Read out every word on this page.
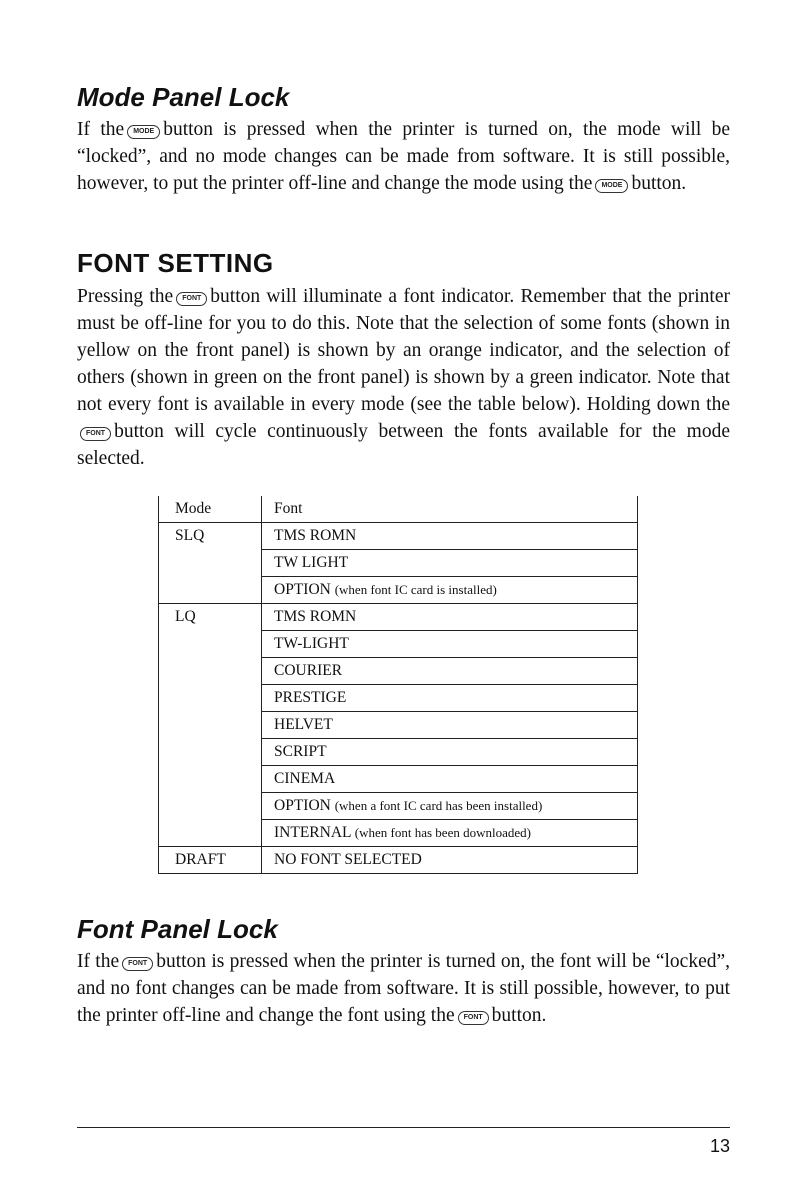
Mode Panel Lock

If the MODE button is pressed when the printer is turned on, the mode will be “locked”, and no mode changes can be made from software. It is still possible, however, to put the printer off-line and change the mode using the MODE button.

FONT SETTING

Pressing the FONT button will illuminate a font indicator. Remember that the printer must be off-line for you to do this. Note that the selection of some fonts (shown in yellow on the front panel) is shown by an orange indicator, and the selection of others (shown in green on the front panel) is shown by a green indicator. Note that not every font is available in every mode (see the table below). Holding down theFONT button will cycle continuously between the fonts available for the mode selected.

Mode	Font
SLQ	TMS ROMN
	TW LIGHT
	OPTION (when font IC card is installed)
LQ	TMS ROMN
	TW-LIGHT
	COURIER
	PRESTIGE
	HELVET
	SCRIPT
	CINEMA
	OPTION (when a font IC card has been installed)
	INTERNAL (when font has been downloaded)
DRAFT	NO FONT SELECTED
Font Panel Lock

If the FONT button is pressed when the printer is turned on, the font will be “locked”, and no font changes can be made from software. It is still possible, however, to put the printer off-line and change the font using the FONT button.

13
